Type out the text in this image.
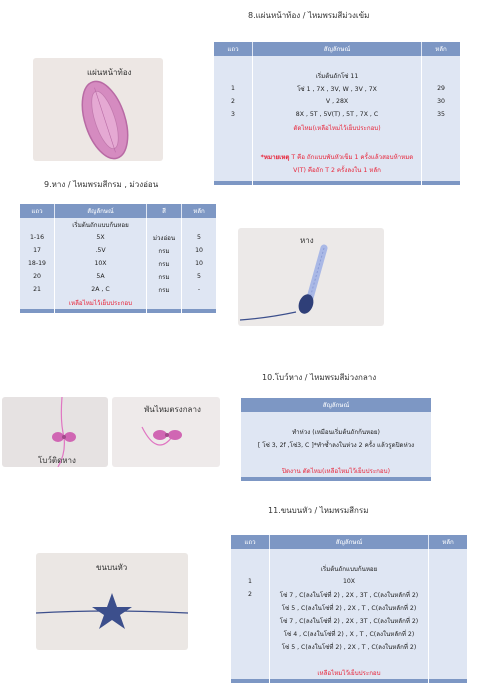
8.แผ่นหน้าท้อง / ไหมพรมสีม่วงเข้ม
แผ่นหน้าท้อง
แถว	สัญลักษณ์	หลัก

	เริ่มต้นถักโซ่ 11	
1	โซ่ 1 , 7X , 3V, W , 3V , 7X	29
2	V , 28X	30
3	8X , 5T , 5V(T) , 5T , 7X , C	35
	ตัดไหม(เหลือไหมไว้เย็บประกอบ)	

	*หมายเหตุ T คือ ถักแบบพันหัวเข็ม 1 ครั้งแล้วสอบห้าหมด
V(T) คือถัก T 2 ครั้งลงใน 1 หลัก	

9.หาง / ไหมพรมสีกรม , ม่วงอ่อน
แถว	สัญลักษณ์	สี	หลัก
	เริ่มต้นถักแบบก้นหอย		
1-16	5X	ม่วงอ่อน	5
17	.5V	กรม	10
18-19	10X	กรม	10
20	5A	กรม	5
21	2A , C	กรม	-
	เหลือไหมไว้เย็บประกอบ		

หาง
10.โบว์หาง / ไหมพรมสีม่วงกลาง
โบว์ติดหาง
พันไหมตรงกลาง	สัญลักษณ์

ทำห่วง (เหมือนเริ่มต้นถักก้นหอย)
[ โซ่ 3, 2f ,โซ่3, C ]*ทำซ้ำลงในห่วง 2 ครั้ง แล้วรูดปิดห่วง

ปิดงาน ตัดไหม(เหลือไหมไว้เย็บประกอบ)

11.ขนบนหัว / ไหมพรมสีกรม
ขนบนหัว
แถว	สัญลักษณ์	หลัก

	เริ่มต้นถักแบบก้นหอย	
1	10X	
2	โซ่ 7 , C(ลงในโซ่ที่ 2) , 2X , 3T , C(ลงในหลักที่ 2)	
	โซ่ 5 , C(ลงในโซ่ที่ 2) , 2X , T , C(ลงในหลักที่ 2)	
	โซ่ 7 , C(ลงในโซ่ที่ 2) , 2X , 3T , C(ลงในหลักที่ 2)	
	โซ่ 4 , C(ลงในโซ่ที่ 2) , X , T , C(ลงในหลักที่ 2)	
	โซ่ 5 , C(ลงในโซ่ที่ 2) , 2X , T , C(ลงในหลักที่ 2)	

	เหลือไหมไว้เย็บประกอบ	
